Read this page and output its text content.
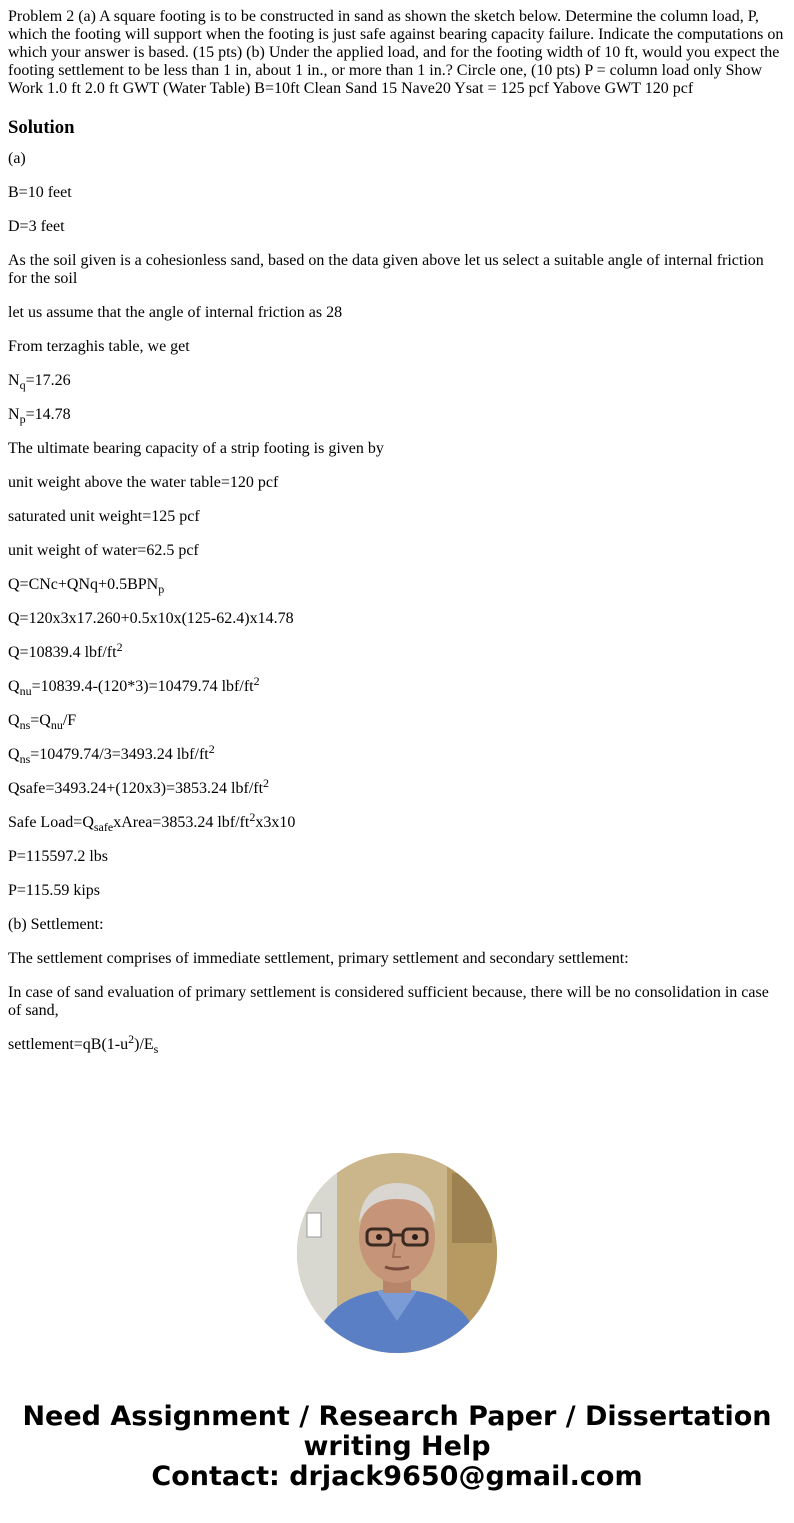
Problem 2 (a) A square footing is to be constructed in sand as shown the sketch below. Determine the column load, P, which the footing will support when the footing is just safe against bearing capacity failure. Indicate the computations on which your answer is based. (15 pts) (b) Under the applied load, and for the footing width of 10 ft, would you expect the footing settlement to be less than 1 in, about 1 in., or more than 1 in.? Circle one, (10 pts) P = column load only Show Work 1.0 ft 2.0 ft GWT (Water Table) B=10ft Clean Sand 15 Nave20 Ysat = 125 pcf Yabove GWT 120 pcf
Solution

(a)

B=10 feet

D=3 feet

As the soil given is a cohesionless sand, based on the data given above let us select a suitable angle of internal friction for the soil

let us assume that the angle of internal friction as 28

From terzaghis table, we get

$N_q=17.26$

$N_p=14.78$

The ultimate bearing capacity of a strip footing is given by

unit weight above the water table=120 pcf

saturated unit weight=125 pcf

unit weight of water=62.5 pcf

$Q=CNc+QNq+0.5BPN_p$

Q=120x3x17.260+0.5x10x(125-62.4)x14.78

Q=10839.4 lbf/$ft^2$

$Q_{nu}=10839.4-(120*3)=10479.74$ lbf/$ft^2$

$Q_{ns}=Q_{nu}/F$

$Q_{ns}=10479.74/3=3493.24$ lbf/$ft^2$

Qsafe=3493.24+(120x3)=3853.24 lbf/$ft^2$

Safe $Load=Q_{safe}xArea=3853.24$ lbf/$ft^2x3x10$

P=115597.2 lbs

P=115.59 kips

(b) Settlement:

The settlement comprises of immediate settlement, primary settlement and secondary settlement:

In case of sand evaluation of primary settlement is considered sufficient because, there will be no consolidation in case of sand,

$settlement=qB(1-u^2)/E_s$

Need Assignment / Research Paper / Dissertation
writing Help
Contact: drjack9650@gmail.com
